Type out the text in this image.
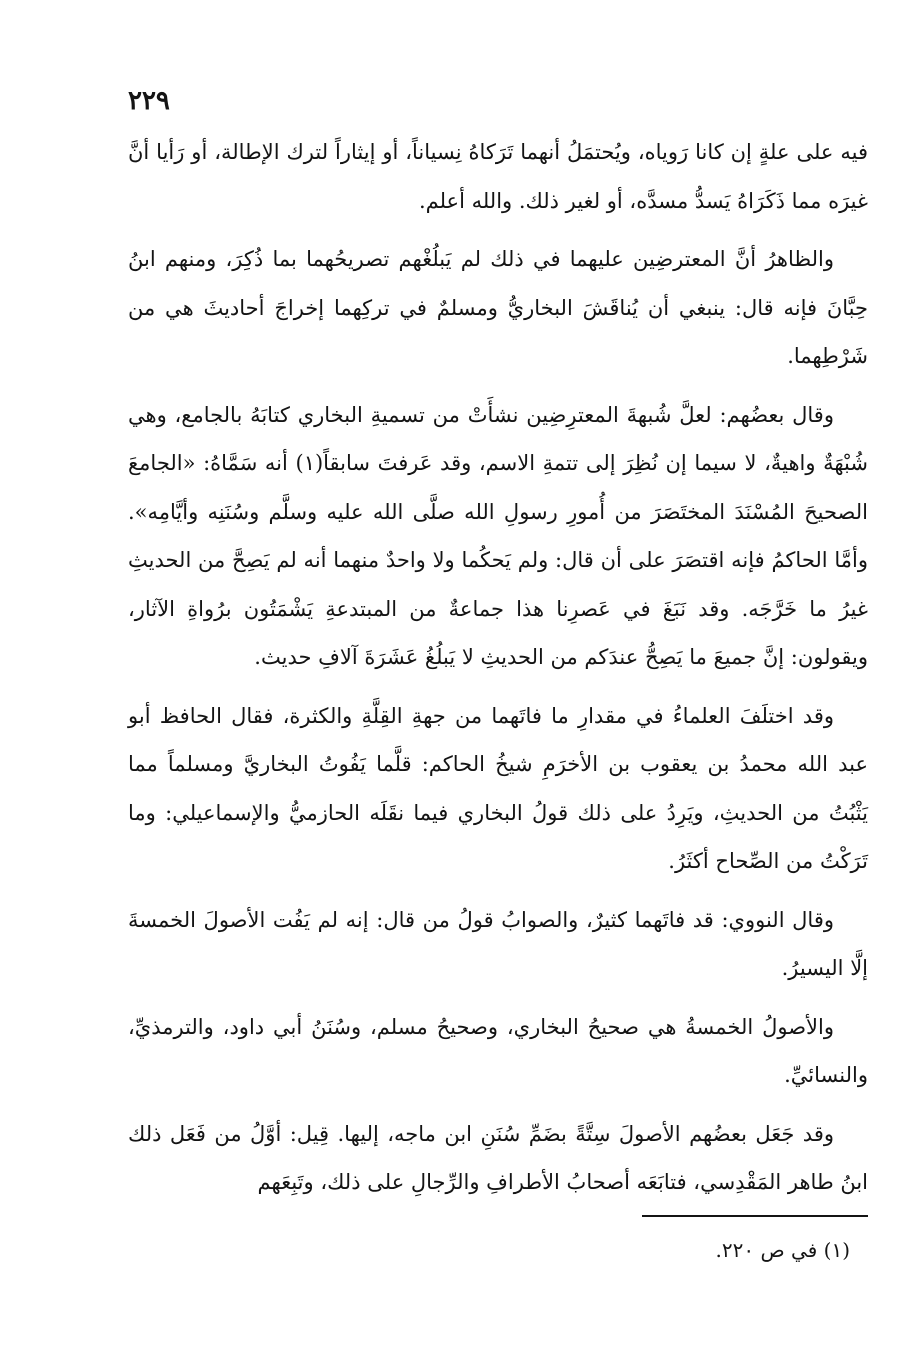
٢٢٩

فيه على علةٍ إن كانا رَوياه، ويُحتمَلُ أنهما تَرَكاهُ نِسياناً، أو إيثاراً لترك الإطالة، أو رَأيا أنَّ غيرَه مما ذَكَرَاهُ يَسدُّ مسدَّه، أو لغير ذلك. والله أعلم.

والظاهرُ أنَّ المعترضِين عليهما في ذلك لم يَبلُغْهم تصريحُهما بما ذُكِرَ، ومنهم ابنُ حِبَّانَ فإنه قال: ينبغي أن يُناقَشَ البخاريُّ ومسلمٌ في تركِهما إخراجَ أحاديثَ هي من شَرْطِهما.

وقال بعضُهم: لعلَّ شُبهةَ المعترِضِين نشأَتْ من تسميةِ البخاري كتابَهُ بالجامع، وهي شُبْهَةٌ واهيةٌ، لا سيما إن نُظِرَ إلى تتمةِ الاسم، وقد عَرفتَ سابقاً(١) أنه سَمَّاهُ: «الجامعَ الصحيحَ المُسْنَدَ المختَصَرَ من أُمورِ رسولِ الله صلَّى الله عليه وسلَّم وسُنَنِه وأيَّامِه». وأمَّا الحاكمُ فإنه اقتصَرَ على أن قال: ولم يَحكُما ولا واحدٌ منهما أنه لم يَصِحَّ من الحديثِ غيرُ ما خَرَّجَه. وقد نَبَغَ في عَصرِنا هذا جماعةٌ من المبتدعةِ يَشْمَتُون برُواةِ الآثار، ويقولون: إنَّ جميعَ ما يَصِحُّ عندَكم من الحديثِ لا يَبلُغُ عَشَرَةَ آلافِ حديث.

وقد اختلَفَ العلماءُ في مقدارِ ما فاتَهما من جهةِ القِلَّةِ والكثرة، فقال الحافظ أبو عبد الله محمدُ بن يعقوب بن الأخرَمِ شيخُ الحاكم: قلَّما يَفُوتُ البخاريَّ ومسلماً مما يَثْبُتُ من الحديثِ، ويَرِدُ على ذلك قولُ البخاري فيما نقَلَه الحازميُّ والإسماعيلي: وما تَرَكْتُ من الصِّحاح أكثَرُ.

وقال النووي: قد فاتَهما كثيرٌ، والصوابُ قولُ من قال: إنه لم يَفُت الأصولَ الخمسةَ إلَّا اليسيرُ.

والأصولُ الخمسةُ هي صحيحُ البخاري، وصحيحُ مسلم، وسُنَنُ أبي داود، والترمذيِّ، والنسائيِّ.

وقد جَعَل بعضُهم الأصولَ سِتَّةً بضَمِّ سُنَنِ ابن ماجه، إليها. قِيل: أوَّلُ من فَعَل ذلك ابنُ طاهر المَقْدِسي، فتابَعَه أصحابُ الأطرافِ والرِّجالِ على ذلك، وتَبِعَهم

(١) في ص ٢٢٠.
